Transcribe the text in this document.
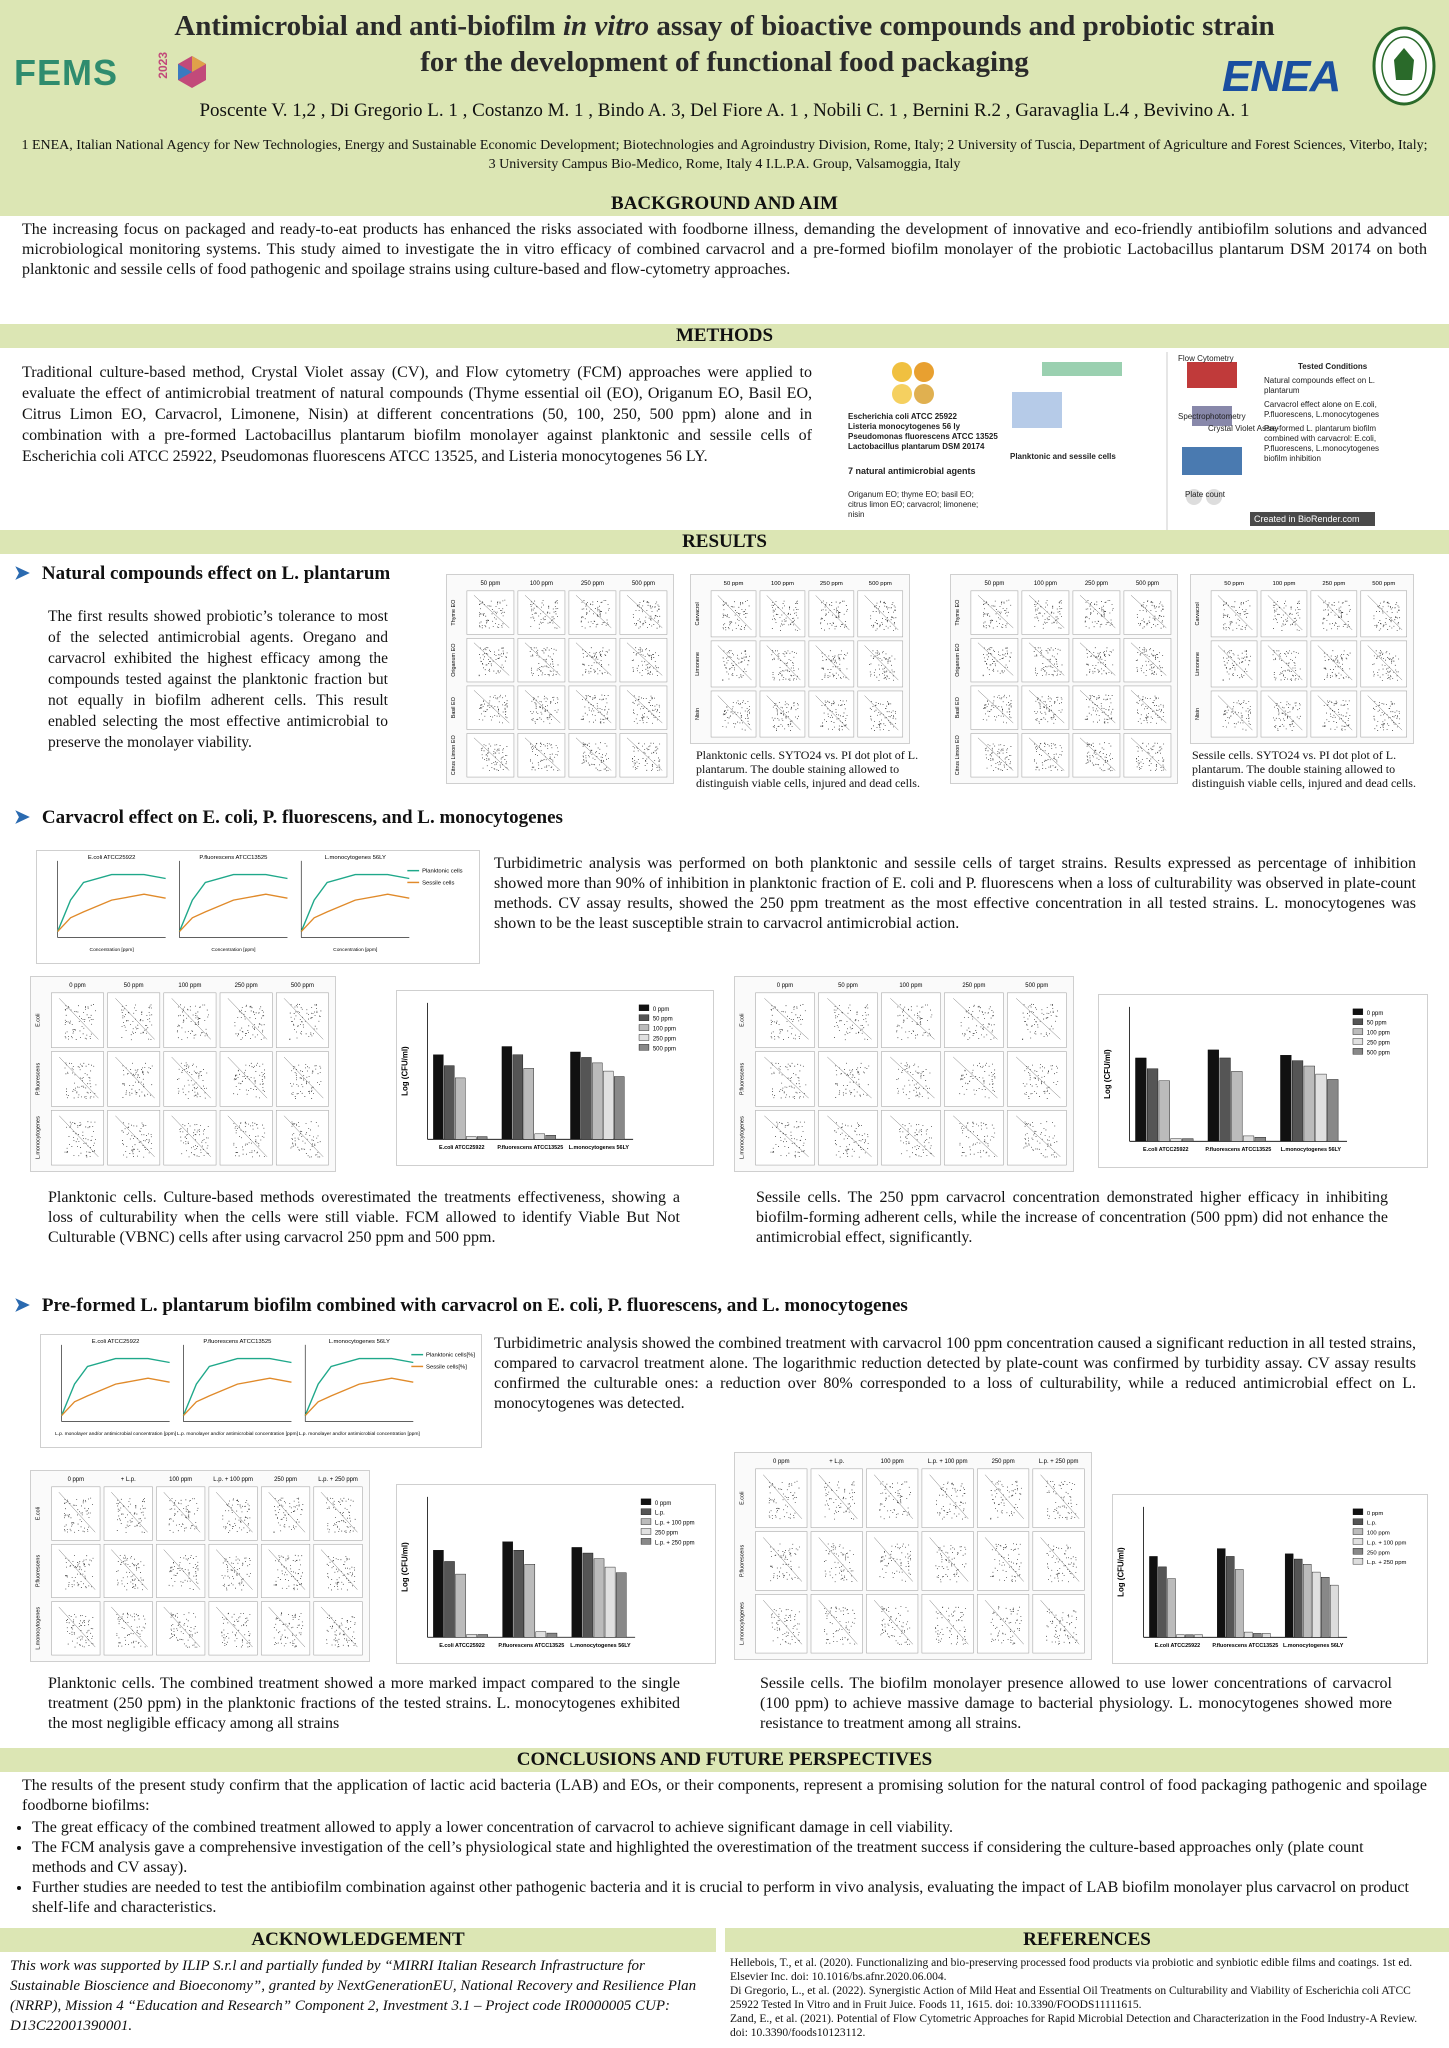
Antimicrobial and anti-biofilm in vitro assay of bioactive compounds and probiotic strain
for the development of functional food packaging
FEMS	2023	ENEA
Poscente V. 1,2 , Di Gregorio L. 1 , Costanzo M. 1 , Bindo A. 3, Del Fiore A. 1 , Nobili C. 1 , Bernini R.2 , Garavaglia L.4 , Bevivino A. 1
1 ENEA, Italian National Agency for New Technologies, Energy and Sustainable Economic Development; Biotechnologies and Agroindustry Division, Rome, Italy; 2 University of Tuscia, Department of Agriculture and Forest Sciences, Viterbo, Italy; 3 University Campus Bio-Medico, Rome, Italy 4 I.L.P.A. Group, Valsamoggia, Italy
BACKGROUND AND AIM
The increasing focus on packaged and ready-to-eat products has enhanced the risks associated with foodborne illness, demanding the development of innovative and eco-friendly antibiofilm solutions and advanced microbiological monitoring systems. This study aimed to investigate the in vitro efficacy of combined carvacrol and a pre-formed biofilm monolayer of the probiotic Lactobacillus plantarum DSM 20174 on both planktonic and sessile cells of food pathogenic and spoilage strains using culture-based and flow-cytometry approaches.
METHODS
Traditional culture-based method, Crystal Violet assay (CV), and Flow cytometry (FCM) approaches were applied to evaluate the effect of antimicrobial treatment of natural compounds (Thyme essential oil (EO), Origanum EO, Basil EO, Citrus Limon EO, Carvacrol, Limonene, Nisin) at different concentrations (50, 100, 250, 500 ppm) alone and in combination with a pre-formed Lactobacillus plantarum biofilm monolayer against planktonic and sessile cells of Escherichia coli ATCC 25922, Pseudomonas fluorescens ATCC 13525, and Listeria monocytogenes 56 LY.
Escherichia coli ATCC 25922
Listeria monocytogenes 56 ly
Pseudomonas fluorescens ATCC 13525
Lactobacillus plantarum DSM 20174
7 natural antimicrobial agents
Origanum EO; thyme EO; basil EO; citrus limon EO; carvacrol; limonene; nisin
Planktonic and sessile cells
Flow Cytometry
Spectrophotometry
Crystal Violet Assay
Plate count
Tested Conditions
Natural compounds effect on L. plantarum
Carvacrol effect alone on E.coli, P.fluorescens, L.monocytogenes
Pre-formed L. plantarum biofilm combined with carvacrol: E.coli, P.fluorescens, L.monocytogenes biofilm inhibition
Created in BioRender.com
RESULTS
➤ Natural compounds effect on L. plantarum
The first results showed probiotic’s tolerance to most of the selected antimicrobial agents. Oregano and carvacrol exhibited the highest efficacy among the compounds tested against the planktonic fraction but not equally in biofilm adherent cells. This result enabled selecting the most effective antimicrobial to preserve the monolayer viability.
50 ppm	100 ppm	250 ppm	500 ppm
Thyme EO
Origanum EO
Basil EO
Citrus Limon EO
50 ppm	100 ppm	250 ppm	500 ppm
Carvacrol
Limonene
Nisin
Planktonic cells. SYTO24 vs. PI dot plot of L. plantarum. The double staining allowed to distinguish viable cells, injured and dead cells.
50 ppm	100 ppm	250 ppm	500 ppm
Thyme EO
Origanum EO
Basil EO
Citrus Limon EO
50 ppm	100 ppm	250 ppm	500 ppm
Carvacrol
Limonene
Nisin
Sessile cells. SYTO24 vs. PI dot plot of L. plantarum. The double staining allowed to distinguish viable cells, injured and dead cells.
➤ Carvacrol effect on E. coli, P. fluorescens, and L. monocytogenes
E.coli ATCC25922
Concentration [ppm]
P.fluorescens ATCC13525
Concentration [ppm]
L.monocytogenes 56LY
Concentration [ppm]
Planktonic cells
Sessile cells
Turbidimetric analysis was performed on both planktonic and sessile cells of target strains. Results expressed as percentage of inhibition showed more than 90% of inhibition in planktonic fraction of E. coli and P. fluorescens when a loss of culturability was observed in plate-count methods. CV assay results, showed the 250 ppm treatment as the most effective concentration in all tested strains. L. monocytogenes was shown to be the least susceptible strain to carvacrol antimicrobial action.
0 ppm	50 ppm	100 ppm	250 ppm	500 ppm
E.coli
P.fluorescens
L.monocytogenes
Log (CFU/ml)
E.coli ATCC25922 P.fluorescens ATCC13525 L.monocytogenes 56LY
0 ppm
50 ppm
100 ppm
250 ppm
500 ppm
Planktonic cells. Culture-based methods overestimated the treatments effectiveness, showing a loss of culturability when the cells were still viable. FCM allowed to identify Viable But Not Culturable (VBNC) cells after using carvacrol 250 ppm and 500 ppm.
0 ppm	50 ppm	100 ppm	250 ppm	500 ppm
E.coli
P.fluorescens
L.monocytogenes
Log (CFU/ml)
E.coli ATCC25922	P.fluorescens ATCC13525 L.monocytogenes 56LY
0 ppm
50 ppm
100 ppm
250 ppm
500 ppm
Sessile cells. The 250 ppm carvacrol concentration demonstrated higher efficacy in inhibiting biofilm-forming adherent cells, while the increase of concentration (500 ppm) did not enhance the antimicrobial effect, significantly.
➤ Pre-formed L. plantarum biofilm combined with carvacrol on E. coli, P. fluorescens, and L. monocytogenes
E.coli ATCC25922
L.p. monolayer and/or antimicrobial concentration [ppm]
P.fluorescens ATCC13525
L.p. monolayer and/or antimicrobial concentration [ppm]
L.monocytogenes 56LY
L.p. monolayer and/or antimicrobial concentration [ppm]
Planktonic cells[%]
Sessile cells[%]
Turbidimetric analysis showed the combined treatment with carvacrol 100 ppm concentration caused a significant reduction in all tested strains, compared to carvacrol treatment alone. The logarithmic reduction detected by plate-count was confirmed by turbidity assay. CV assay results confirmed the culturable ones: a reduction over 80% corresponded to a loss of culturability, while a reduced antimicrobial effect on L. monocytogenes was detected.
0 ppm	+ L.p.	100 ppm	L.p. + 100 ppm	250 ppm	L.p. + 250 ppm
E.coli
P.fluorescens
L.monocytogenes
Log (CFU/ml)
E.coli ATCC25922 P.fluorescens ATCC13525 L.monocytogenes 56LY
0 ppm
L.p.
L.p. + 100 ppm
250 ppm
L.p. + 250 ppm
Planktonic cells. The combined treatment showed a more marked impact compared to the single treatment (250 ppm) in the planktonic fractions of the tested strains. L. monocytogenes exhibited the most negligible efficacy among all strains
0 ppm	+ L.p.	100 ppm	L.p. + 100 ppm	250 ppm	L.p. + 250 ppm
E.coli
P.fluorescens
L.monocytogenes
Log (CFU/ml)
E.coli ATCC25922 P.fluorescens ATCC13525 L.monocytogenes 56LY
0 ppm
L.p.
100 ppm
L.p. + 100 ppm
250 ppm
L.p. + 250 ppm
Sessile cells. The biofilm monolayer presence allowed to use lower concentrations of carvacrol (100 ppm) to achieve massive damage to bacterial physiology. L. monocytogenes showed more resistance to treatment among all strains.
CONCLUSIONS AND FUTURE PERSPECTIVES
The results of the present study confirm that the application of lactic acid bacteria (LAB) and EOs, or their components, represent a promising solution for the natural control of food packaging pathogenic and spoilage foodborne biofilms:
• The great efficacy of the combined treatment allowed to apply a lower concentration of carvacrol to achieve significant damage in cell viability.
• The FCM analysis gave a comprehensive investigation of the cell’s physiological state and highlighted the overestimation of the treatment success if considering the culture-based approaches only (plate count methods and CV assay).
• Further studies are needed to test the antibiofilm combination against other pathogenic bacteria and it is crucial to perform in vivo analysis, evaluating the impact of LAB biofilm monolayer plus carvacrol on product shelf-life and characteristics.
ACKNOWLEDGEMENT	REFERENCES
This work was supported by ILIP S.r.l and partially funded by “MIRRI Italian Research Infrastructure for Sustainable Bioscience and Bioeconomy”, granted by NextGenerationEU, National Recovery and Resilience Plan (NRRP), Mission 4 “Education and Research” Component 2, Investment 3.1 – Project code IR0000005 CUP: D13C22001390001.
Hellebois, T., et al. (2020). Functionalizing and bio-preserving processed food products via probiotic and synbiotic edible films and coatings. 1st ed. Elsevier Inc. doi: 10.1016/bs.afnr.2020.06.004.
Di Gregorio, L., et al. (2022). Synergistic Action of Mild Heat and Essential Oil Treatments on Culturability and Viability of Escherichia coli ATCC 25922 Tested In Vitro and in Fruit Juice. Foods 11, 1615. doi: 10.3390/FOODS11111615.
Zand, E., et al. (2021). Potential of Flow Cytometric Approaches for Rapid Microbial Detection and Characterization in the Food Industry-A Review. doi: 10.3390/foods10123112.
